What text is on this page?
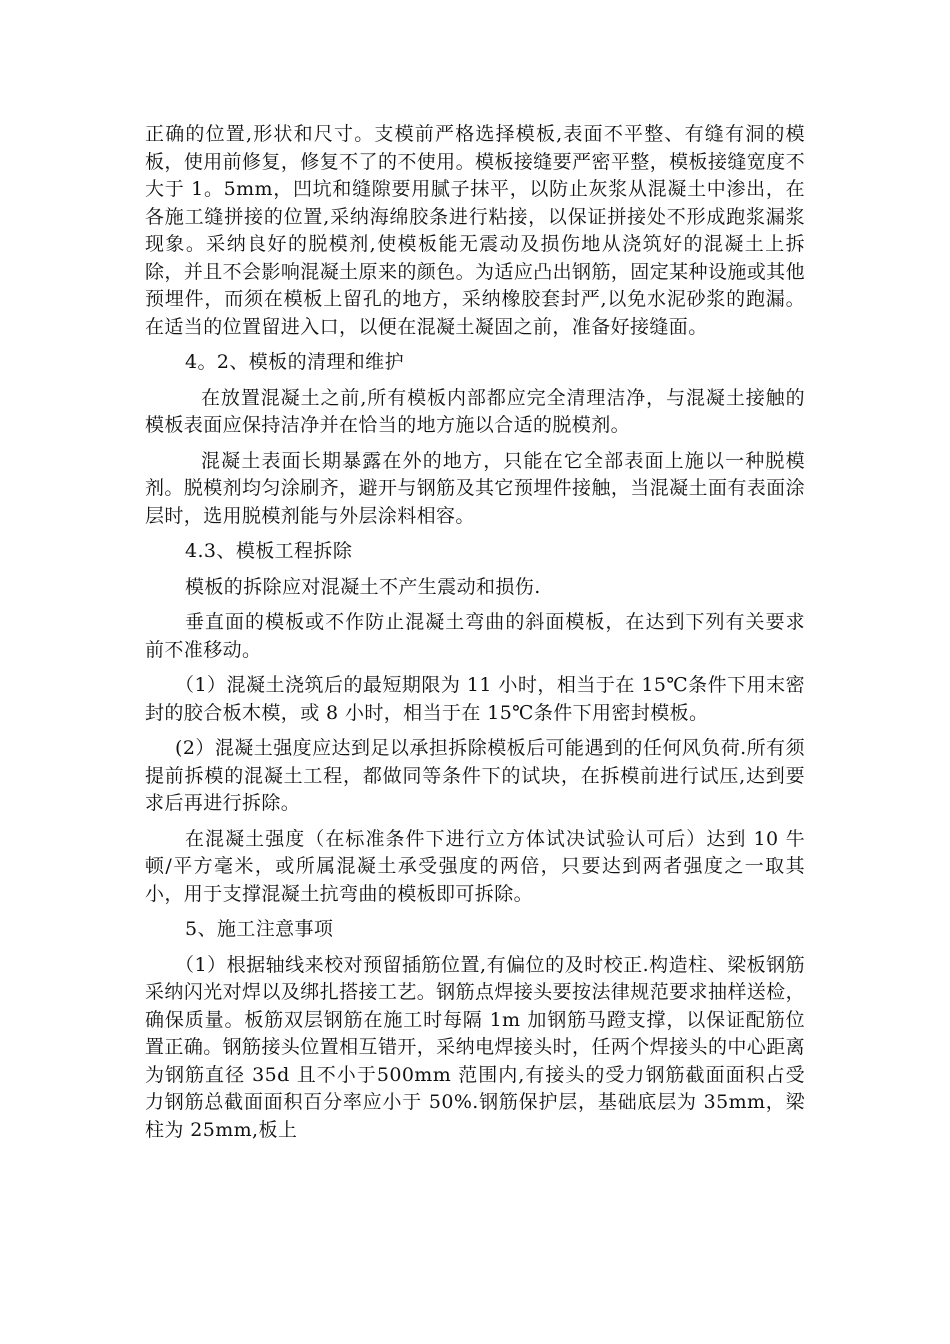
正确的位置,形状和尺寸。支模前严格选择模板,表面不平整、有缝有洞的模板，使用前修复，修复不了的不使用。模板接缝要严密平整，模板接缝宽度不大于 1。5mm，凹坑和缝隙要用腻子抹平，以防止灰浆从混凝土中渗出，在各施工缝拼接的位置,采纳海绵胶条进行粘接，以保证拼接处不形成跑浆漏浆现象。采纳良好的脱模剂,使模板能无震动及损伤地从浇筑好的混凝土上拆除，并且不会影响混凝土原来的颜色。为适应凸出钢筋，固定某种设施或其他预埋件，而须在模板上留孔的地方，采纳橡胶套封严,以免水泥砂浆的跑漏。在适当的位置留进入口，以便在混凝土凝固之前，准备好接缝面。

4。2、模板的清理和维护

在放置混凝土之前,所有模板内部都应完全清理洁净，与混凝土接触的模板表面应保持洁净并在恰当的地方施以合适的脱模剂。

混凝土表面长期暴露在外的地方，只能在它全部表面上施以一种脱模剂。脱模剂均匀涂刷齐，避开与钢筋及其它预埋件接触，当混凝土面有表面涂层时，选用脱模剂能与外层涂料相容。

4.3、模板工程拆除

模板的拆除应对混凝土不产生震动和损伤.

垂直面的模板或不作防止混凝土弯曲的斜面模板，在达到下列有关要求前不准移动。

（1）混凝土浇筑后的最短期限为 11 小时，相当于在 15℃条件下用末密封的胶合板木模，或 8 小时，相当于在 15℃条件下用密封模板。

(2）混凝土强度应达到足以承担拆除模板后可能遇到的任何风负荷.所有须提前拆模的混凝土工程，都做同等条件下的试块，在拆模前进行试压,达到要求后再进行拆除。

在混凝土强度（在标准条件下进行立方体试决试验认可后）达到 10 牛顿/平方毫米，或所属混凝土承受强度的两倍，只要达到两者强度之一取其小，用于支撑混凝土抗弯曲的模板即可拆除。

5、施工注意事项

（1）根据轴线来校对预留插筋位置,有偏位的及时校正.构造柱、梁板钢筋采纳闪光对焊以及绑扎搭接工艺。钢筋点焊接头要按法律规范要求抽样送检，确保质量。板筋双层钢筋在施工时每隔 1m 加钢筋马蹬支撑，以保证配筋位置正确。钢筋接头位置相互错开，采纳电焊接头时，任两个焊接头的中心距离为钢筋直径 35d 且不小于500mm 范围内,有接头的受力钢筋截面面积占受力钢筋总截面面积百分率应小于 50%.钢筋保护层，基础底层为 35mm，梁柱为 25mm,板上
